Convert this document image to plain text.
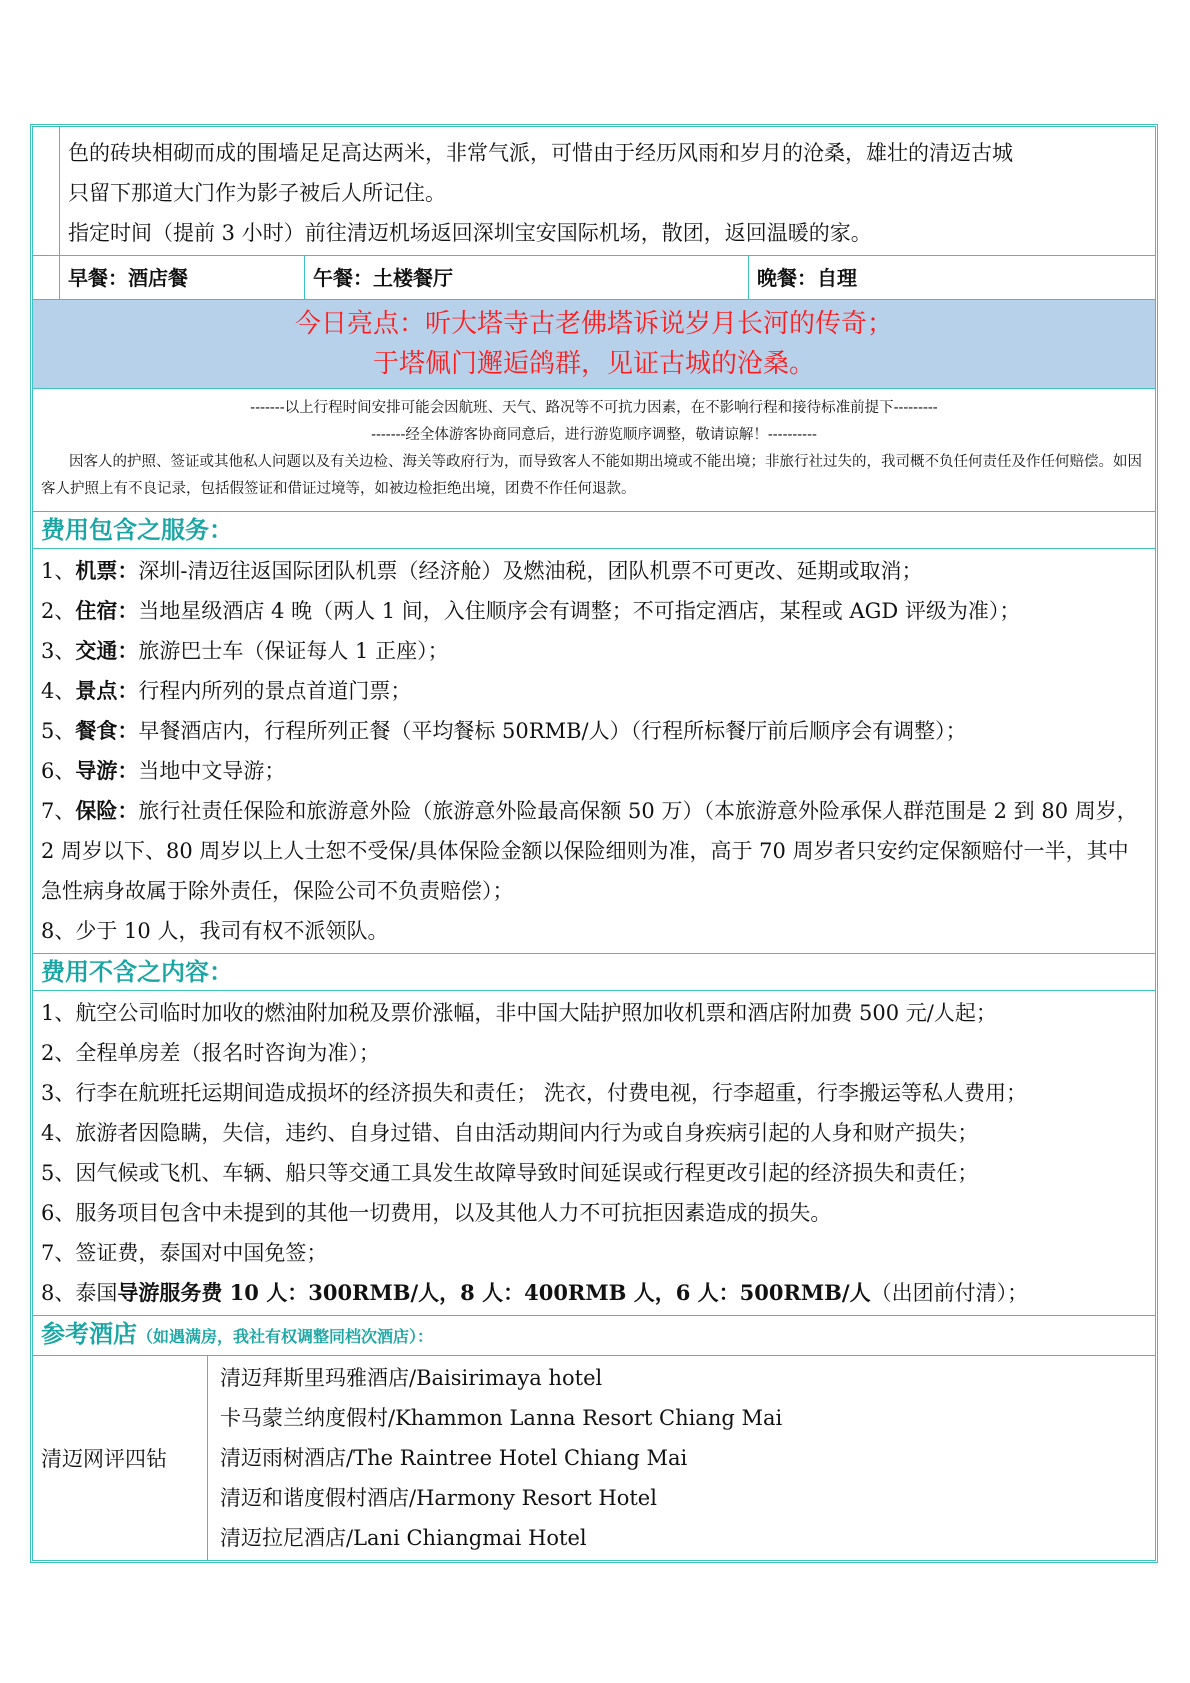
色的砖块相砌而成的围墙足足高达两米，非常气派，可惜由于经历风雨和岁月的沧桑，雄壮的清迈古城

只留下那道大门作为影子被后人所记住。

指定时间（提前 3 小时）前往清迈机场返回深圳宝安国际机场，散团，返回温暖的家。

早餐：酒店餐	午餐：土楼餐厅	晚餐：自理
今日亮点：听大塔寺古老佛塔诉说岁月长河的传奇；
于塔佩门邂逅鸽群，见证古城的沧桑。
-------以上行程时间安排可能会因航班、天气、路况等不可抗力因素，在不影响行程和接待标准前提下---------
-------经全体游客协商同意后，进行游览顺序调整，敬请谅解！----------
因客人的护照、签证或其他私人问题以及有关边检、海关等政府行为，而导致客人不能如期出境或不能出境；非旅行社过失的，我司概不负任何责任及作任何赔偿。如因客人护照上有不良记录，包括假签证和借证过境等，如被边检拒绝出境，团费不作任何退款。
费用包含之服务：
1、机票：深圳-清迈往返国际团队机票（经济舱）及燃油税，团队机票不可更改、延期或取消；
2、住宿：当地星级酒店 4 晚（两人 1 间，入住顺序会有调整；不可指定酒店，某程或 AGD 评级为准）；
3、交通：旅游巴士车（保证每人 1 正座）；
4、景点：行程内所列的景点首道门票；
5、餐食：早餐酒店内，行程所列正餐（平均餐标 50RMB/人）（行程所标餐厅前后顺序会有调整）；
6、导游：当地中文导游；
7、保险：旅行社责任保险和旅游意外险（旅游意外险最高保额 50 万）（本旅游意外险承保人群范围是 2 到 80 周岁，2 周岁以下、80 周岁以上人士恕不受保/具体保险金额以保险细则为准，高于 70 周岁者只安约定保额赔付一半，其中急性病身故属于除外责任，保险公司不负责赔偿）；
8、少于 10 人，我司有权不派领队。
费用不含之内容：
1、航空公司临时加收的燃油附加税及票价涨幅，非中国大陆护照加收机票和酒店附加费 500 元/人起；
2、全程单房差（报名时咨询为准）；
3、行李在航班托运期间造成损坏的经济损失和责任； 洗衣，付费电视，行李超重，行李搬运等私人费用；
4、旅游者因隐瞒，失信，违约、自身过错、自由活动期间内行为或自身疾病引起的人身和财产损失；
5、因气候或飞机、车辆、船只等交通工具发生故障导致时间延误或行程更改引起的经济损失和责任；
6、服务项目包含中未提到的其他一切费用，以及其他人力不可抗拒因素造成的损失。
7、签证费，泰国对中国免签；
8、泰国导游服务费 10 人：300RMB/人，8 人：400RMB 人，6 人：500RMB/人（出团前付清）；
参考酒店（如遇满房，我社有权调整同档次酒店）：
清迈网评四钻
清迈拜斯里玛雅酒店/Baisirimaya hotel
卡马蒙兰纳度假村/Khammon Lanna Resort Chiang Mai
清迈雨树酒店/The Raintree Hotel Chiang Mai
清迈和谐度假村酒店/Harmony Resort Hotel
清迈拉尼酒店/Lani Chiangmai Hotel
